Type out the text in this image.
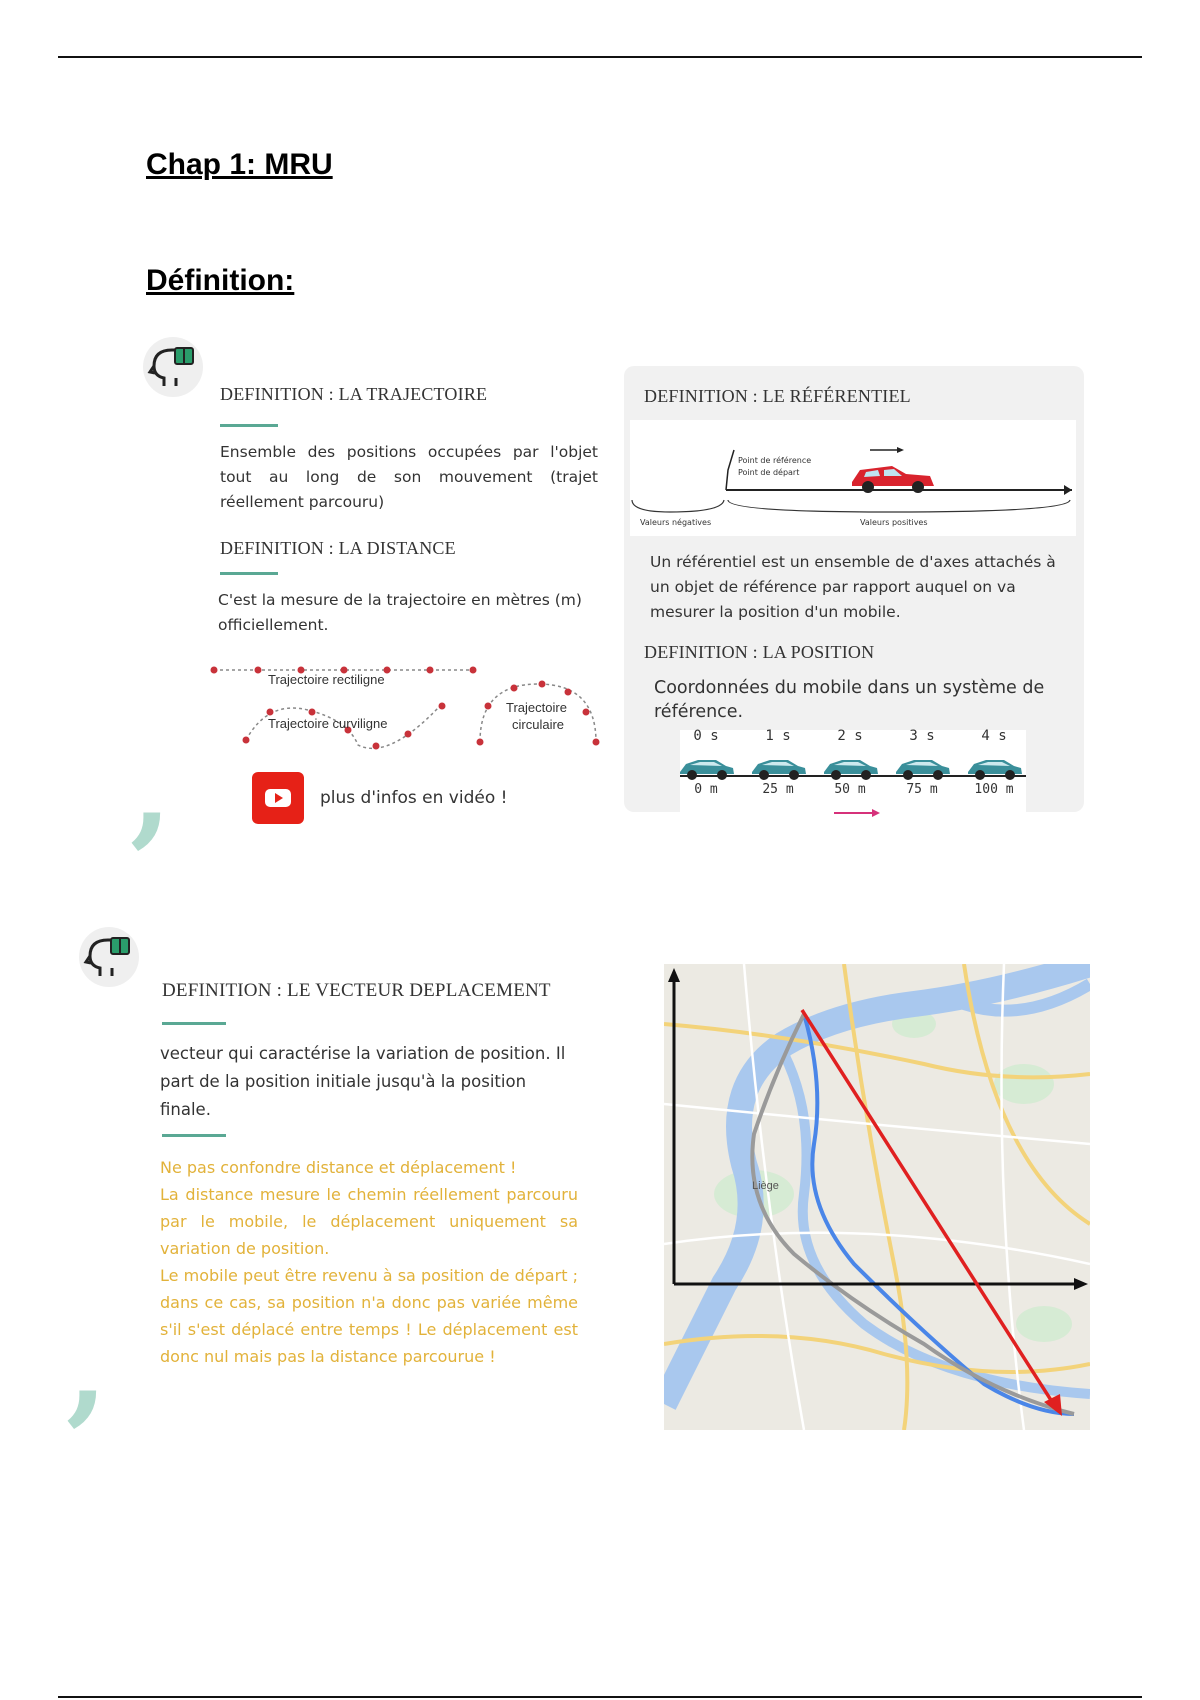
Chap 1: MRU
Définition:
DEFINITION : LA TRAJECTOIRE
Ensemble des positions occupées par l'objet tout au long de son mouvement (trajet réellement parcouru)
DEFINITION : LA DISTANCE
C'est la mesure de la trajectoire en mètres (m) officiellement.
Trajectoire rectiligne
Trajectoire curviligne
Trajectoire
circulaire
plus d'infos en vidéo !
,
DEFINITION : LE RÉFÉRENTIEL
Point de référence
Point de départ
Valeurs négatives	Valeurs positives
Un référentiel est un ensemble de d'axes attachés à un objet de référence par rapport auquel on va mesurer la position d'un mobile.
DEFINITION : LA POSITION
Coordonnées du mobile dans un système de référence.
0 s	1 s	2 s	3 s	4 s
0 m	25 m	50 m	75 m	100 m
DEFINITION : LE VECTEUR DEPLACEMENT
vecteur qui caractérise la variation de position. Il part de la position initiale jusqu'à la position finale.
Ne pas confondre distance et déplacement !
La distance mesure le chemin réellement parcouru par le mobile, le déplacement uniquement sa variation de position.
Le mobile peut être revenu à sa position de départ ; dans ce cas, sa position n'a donc pas variée même s'il s'est déplacé entre temps ! Le déplacement est donc nul mais pas la distance parcourue !
,
Liège
